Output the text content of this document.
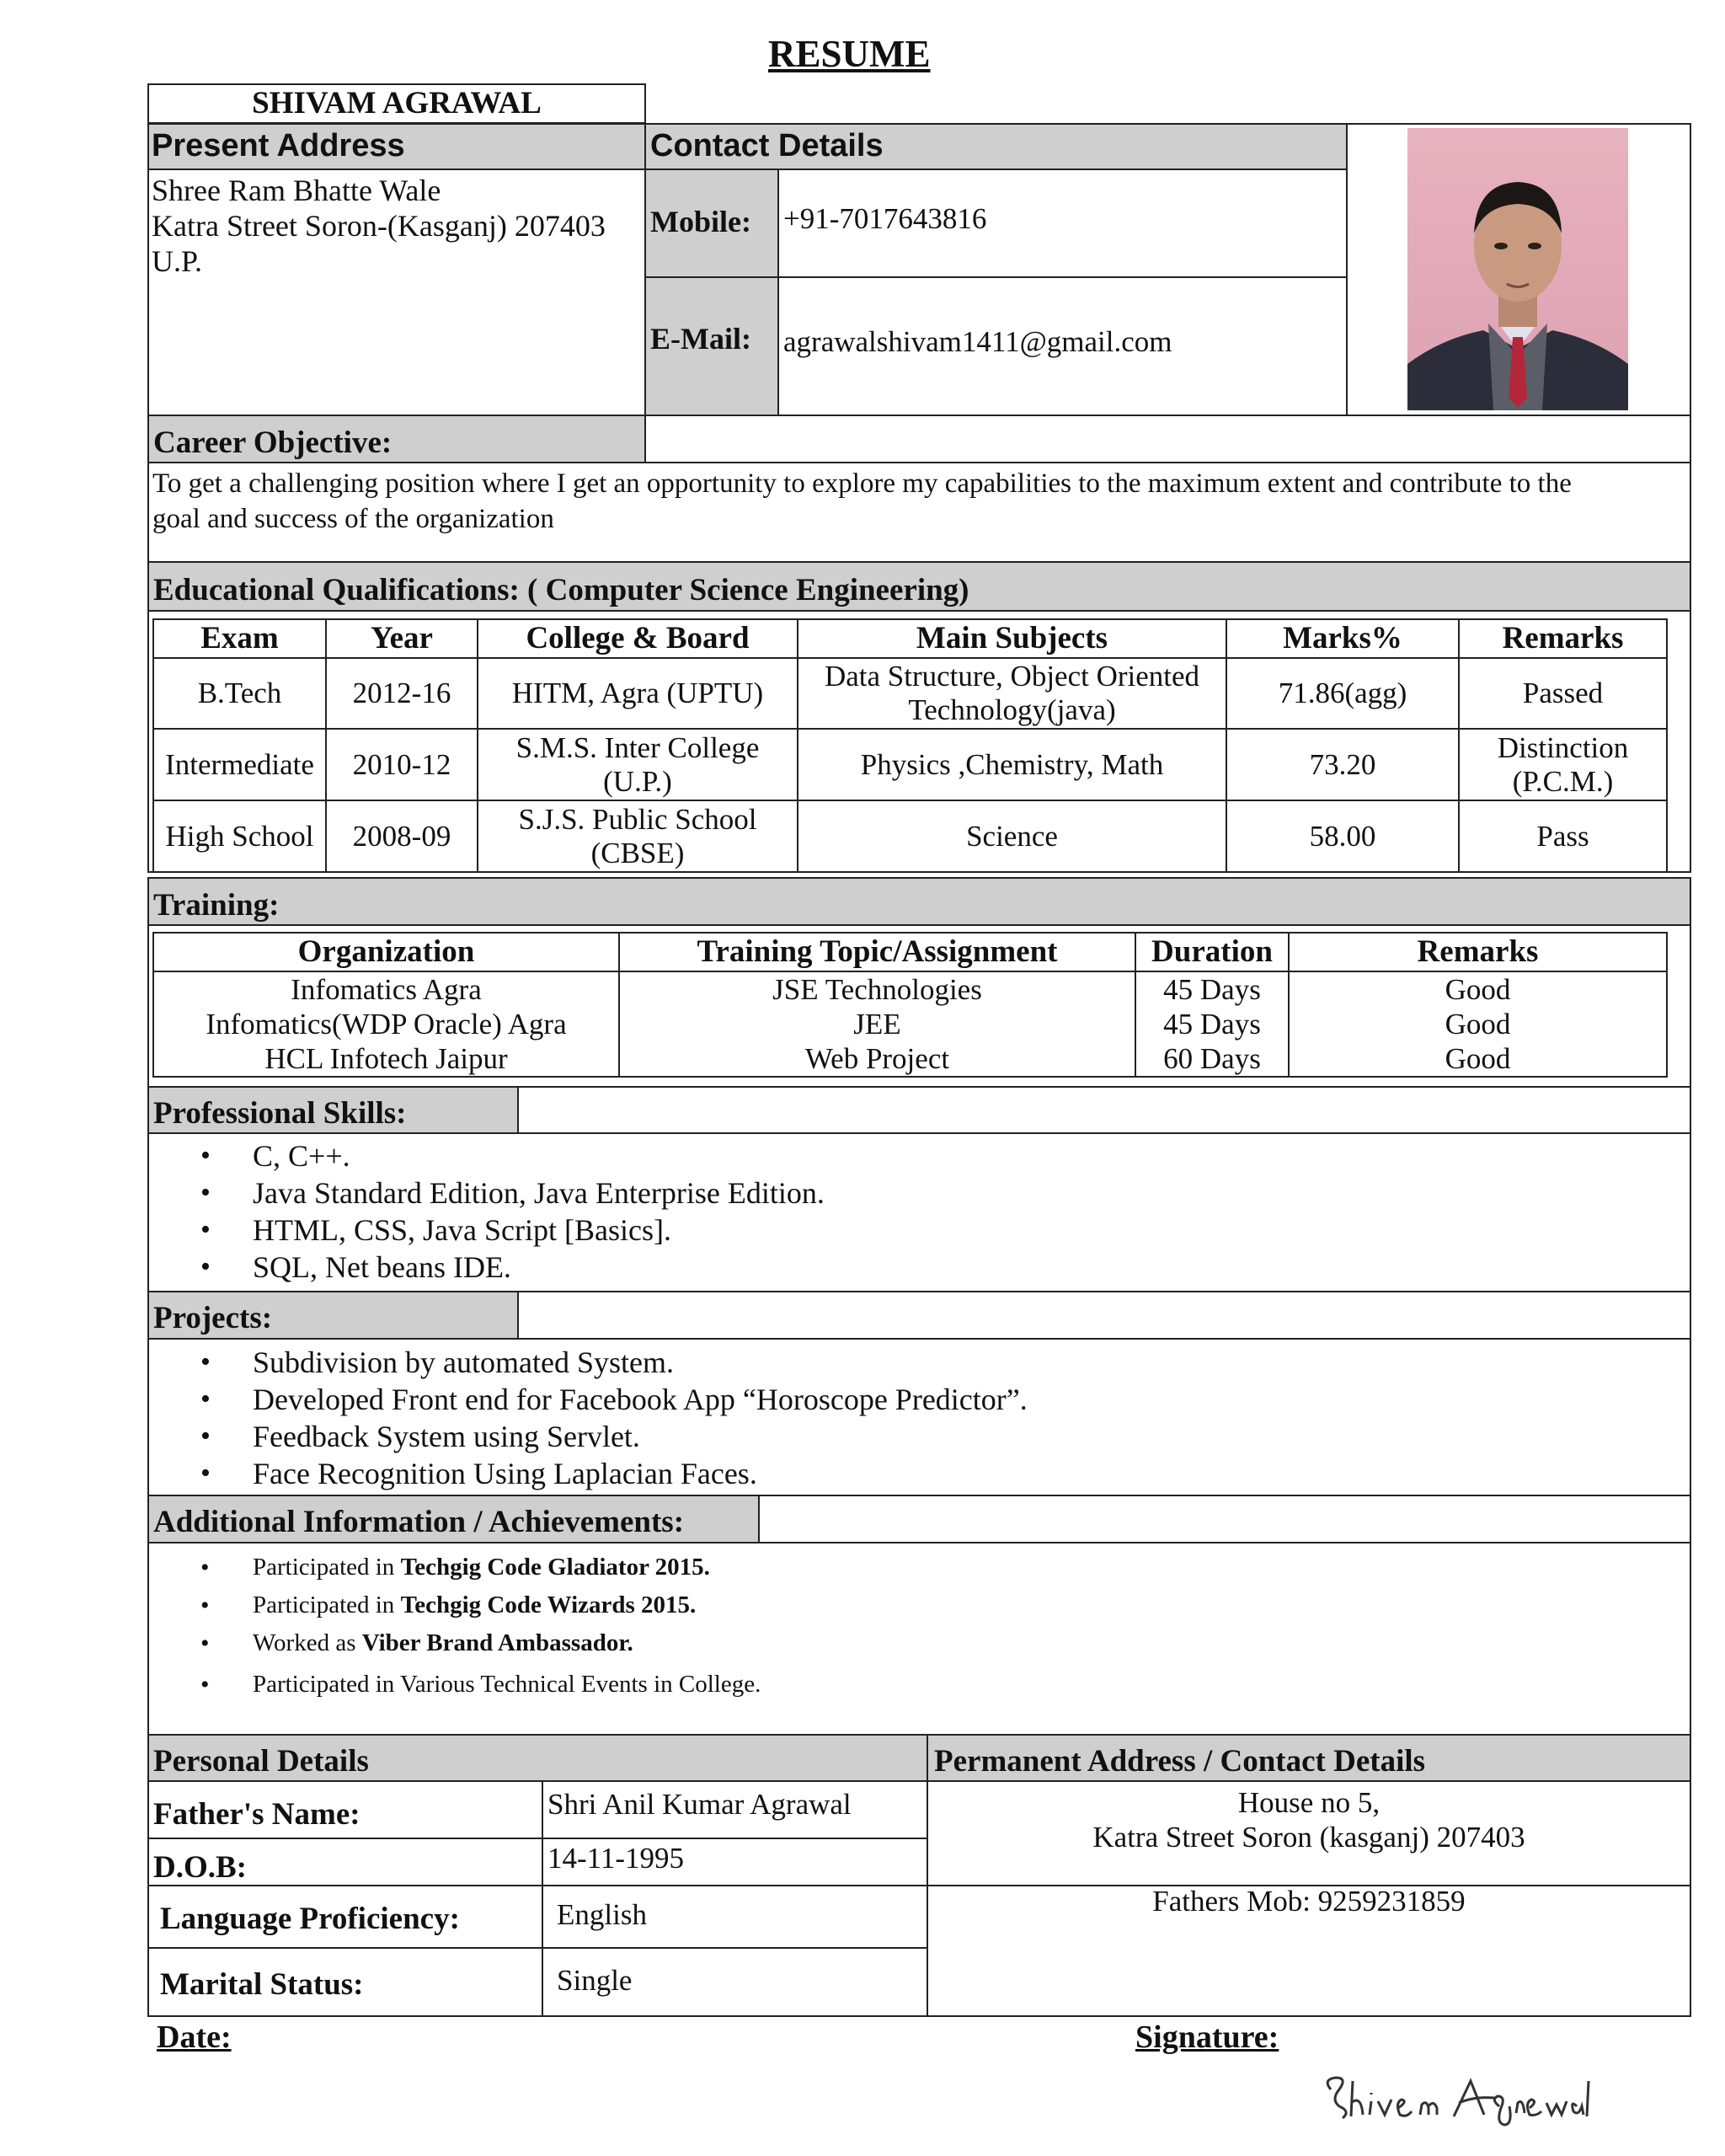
RESUME
SHIVAM AGRAWAL
Present Address	Contact Details
Shree Ram Bhatte Wale
Katra Street Soron-(Kasganj) 207403
U.P.
Mobile: +91-7017643816
E-Mail: agrawalshivam1411@gmail.com
Career Objective:
To get a challenging position where I get an opportunity to explore my capabilities to the maximum extent and contribute to the
goal and success of the organization
Educational Qualifications: ( Computer Science Engineering)
Exam	Year	College & Board	Main Subjects	Marks%	Remarks
B.Tech	2012-16	HITM, Agra (UPTU)	Data Structure, Object Oriented Technology(java)	71.86(agg)	Passed
Intermediate	2010-12	S.M.S. Inter College (U.P.)	Physics ,Chemistry, Math	73.20	Distinction (P.C.M.)
High School	2008-09	S.J.S. Public School (CBSE)	Science	58.00	Pass
Training:
Organization	Training Topic/Assignment	Duration	Remarks
Infomatics Agra	JSE Technologies	45 Days	Good
Infomatics(WDP Oracle) Agra	JEE	45 Days	Good
HCL Infotech Jaipur	Web Project	60 Days	Good
Professional Skills:
• C, C++.
• Java Standard Edition, Java Enterprise Edition.
• HTML, CSS, Java Script [Basics].
• SQL, Net beans IDE.
Projects:
• Subdivision by automated System.
• Developed Front end for Facebook App “Horoscope Predictor”.
• Feedback System using Servlet.
• Face Recognition Using Laplacian Faces.
Additional Information / Achievements:
• Participated in Techgig Code Gladiator 2015.
• Participated in Techgig Code Wizards 2015.
• Worked as Viber Brand Ambassador.
• Participated in Various Technical Events in College.
Personal Details	Permanent Address / Contact Details
Father's Name:	Shri Anil Kumar Agrawal
D.O.B:	14-11-1995
Language Proficiency:	English
Marital Status:	Single
House no 5,
Katra Street Soron (kasganj) 207403
Fathers Mob: 9259231859
Date:	Signature:
